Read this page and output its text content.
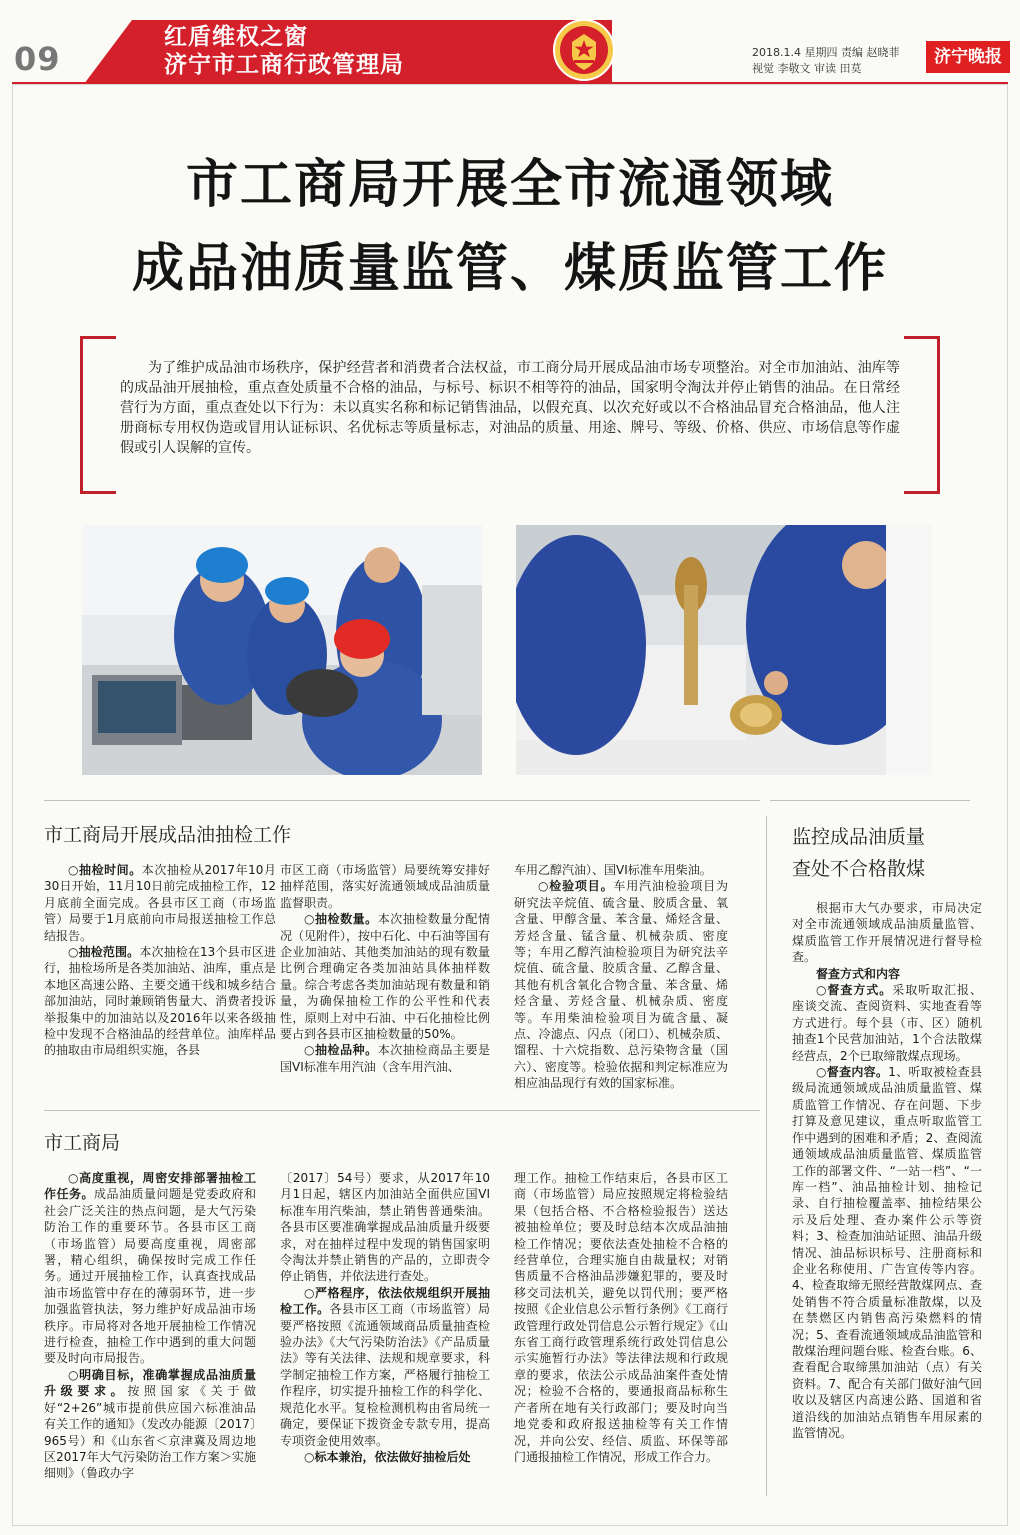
09
红盾维权之窗
济宁市工商行政管理局	2018.1.4 星期四 责编 赵晓菲
视觉 李敬文 审读 田莫
济宁晚报
市工商局开展全市流通领域
成品油质量监管、煤质监管工作
为了维护成品油市场秩序，保护经营者和消费者合法权益，市工商分局开展成品油市场专项整治。对全市加油站、油库等的成品油开展抽检，重点查处质量不合格的油品，与标号、标识不相等符的油品，国家明令淘汰并停止销售的油品。在日常经营行为方面，重点查处以下行为：未以真实名称和标记销售油品，以假充真、以次充好或以不合格油品冒充合格油品，他人注册商标专用权伪造或冒用认证标识、名优标志等质量标志，对油品的质量、用途、牌号、等级、价格、供应、市场信息等作虚假或引人误解的宣传。
市工商局开展成品油抽检工作

○抽检时间。本次抽检从2017年10月30日开始，11月10日前完成抽检工作，12月底前全面完成。各县市区工商（市场监管）局要于1月底前向市局报送抽检工作总结报告。

○抽检范围。本次抽检在13个县市区进行，抽检场所是各类加油站、油库，重点是本地区高速公路、主要交通干线和城乡结合部加油站，同时兼顾销售量大、消费者投诉举报集中的加油站以及2016年以来各级抽检中发现不合格油品的经营单位。油库样品的抽取由市局组织实施，各县

市区工商（市场监管）局要统筹安排好抽样范围，落实好流通领域成品油质量监督职责。

○抽检数量。本次抽检数量分配情况（见附件），按中石化、中石油等国有企业加油站、其他类加油站的现有数量比例合理确定各类加油站具体抽样数量。综合考虑各类加油站现有数量和销量，为确保抽检工作的公平性和代表性，原则上对中石油、中石化抽检比例要占到各县市区抽检数量的50%。

○抽检品种。本次抽检商品主要是国VI标准车用汽油（含车用汽油、

车用乙醇汽油）、国VI标准车用柴油。

○检验项目。车用汽油检验项目为研究法辛烷值、硫含量、胶质含量、氧含量、甲醇含量、苯含量、烯烃含量、芳烃含量、锰含量、机械杂质、密度等；车用乙醇汽油检验项目为研究法辛烷值、硫含量、胶质含量、乙醇含量、其他有机含氧化合物含量、苯含量、烯烃含量、芳烃含量、机械杂质、密度等。车用柴油检验项目为硫含量、凝点、冷滤点、闪点（闭口）、机械杂质、馏程、十六烷指数、总污染物含量（国六）、密度等。检验依据和判定标准应为相应油品现行有效的国家标准。

市工商局

○高度重视，周密安排部署抽检工作任务。成品油质量问题是党委政府和社会广泛关注的热点问题，是大气污染防治工作的重要环节。各县市区工商（市场监管）局要高度重视，周密部署，精心组织，确保按时完成工作任务。通过开展抽检工作，认真查找成品油市场监管中存在的薄弱环节，进一步加强监管执法，努力维护好成品油市场秩序。市局将对各地开展抽检工作情况进行检查，抽检工作中遇到的重大问题要及时向市局报告。

○明确目标，准确掌握成品油质量升级要求。按照国家《关于做好“2+26”城市提前供应国六标准油品有关工作的通知》（发改办能源〔2017〕965号）和《山东省＜京津冀及周边地区2017年大气污染防治工作方案＞实施细则》（鲁政办字

〔2017〕54号）要求，从2017年10月1日起，辖区内加油站全面供应国VI标准车用汽柴油，禁止销售普通柴油。各县市区要准确掌握成品油质量升级要求，对在抽样过程中发现的销售国家明令淘汰并禁止销售的产品的，立即责令停止销售，并依法进行查处。

○严格程序，依法依规组织开展抽检工作。各县市区工商（市场监管）局要严格按照《流通领域商品质量抽查检验办法》《大气污染防治法》《产品质量法》等有关法律、法规和规章要求，科学制定抽检工作方案，严格履行抽检工作程序，切实提升抽检工作的科学化、规范化水平。复检检测机构由省局统一确定，要保证下拨资金专款专用，提高专项资金使用效率。

○标本兼治，依法做好抽检后处

理工作。抽检工作结束后，各县市区工商（市场监管）局应按照规定将检验结果（包括合格、不合格检验报告）送达被抽检单位；要及时总结本次成品油抽检工作情况；要依法查处抽检不合格的经营单位，合理实施自由裁量权；对销售质量不合格油品涉嫌犯罪的，要及时移交司法机关，避免以罚代刑；要严格按照《企业信息公示暂行条例》《工商行政管理行政处罚信息公示暂行规定》《山东省工商行政管理系统行政处罚信息公示实施暂行办法》等法律法规和行政规章的要求，依法公示成品油案件查处情况；检验不合格的，要通报商品标称生产者所在地有关行政部门；要及时向当地党委和政府报送抽检等有关工作情况，并向公安、经信、质监、环保等部门通报抽检工作情况，形成工作合力。

监控成品油质量
查处不合格散煤

根据市大气办要求，市局决定对全市流通领域成品油质量监管、煤质监管工作开展情况进行督导检查。

督查方式和内容

○督查方式。采取听取汇报、座谈交流、查阅资料、实地查看等方式进行。每个县（市、区）随机抽查1个民营加油站，1个合法散煤经营点，2个已取缔散煤点现场。

○督查内容。1、听取被检查县级局流通领域成品油质量监管、煤质监管工作情况、存在问题、下步打算及意见建议，重点听取监管工作中遇到的困难和矛盾；2、查阅流通领域成品油质量监管、煤质监管工作的部署文件、“一站一档”、“一库一档”、油品抽检计划、抽检记录、自行抽检覆盖率、抽检结果公示及后处理、查办案件公示等资料；3、检查加油站证照、油品升级情况、油品标识标号、注册商标和企业名称使用、广告宣传等内容。4、检查取缔无照经营散煤网点、查处销售不符合质量标准散煤，以及在禁燃区内销售高污染燃料的情况；5、查看流通领域成品油监管和散煤治理问题台账、检查台账。6、查看配合取缔黑加油站（点）有关资料。7、配合有关部门做好油气回收以及辖区内高速公路、国道和省道沿线的加油站点销售车用尿素的监管情况。
